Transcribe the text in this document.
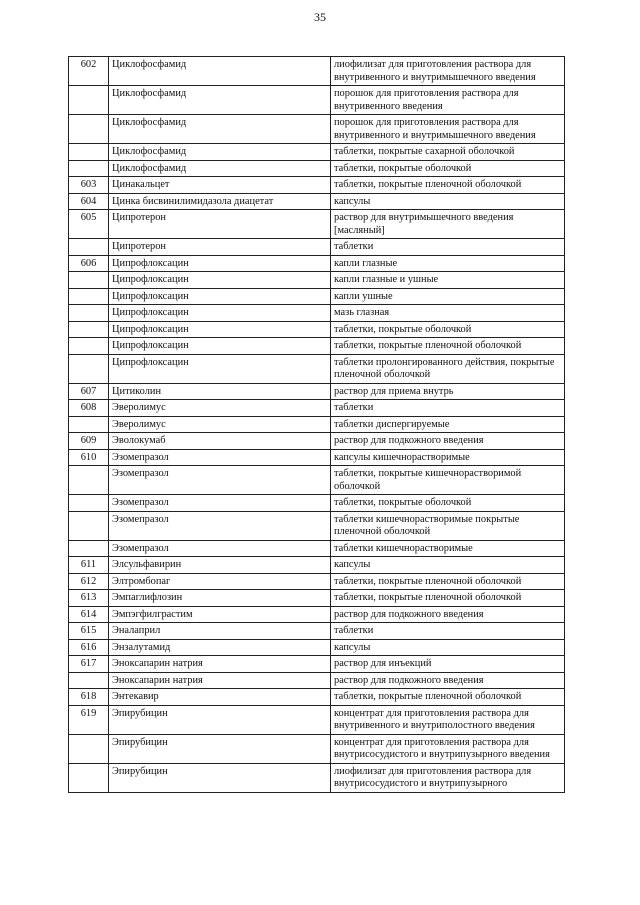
35
602	Циклофосфамид	лиофилизат для приготовления раствора для внутривенного и внутримышечного введения
	Циклофосфамид	порошок для приготовления раствора для внутривенного введения
	Циклофосфамид	порошок для приготовления раствора для внутривенного и внутримышечного введения
	Циклофосфамид	таблетки, покрытые сахарной оболочкой
	Циклофосфамид	таблетки, покрытые оболочкой
603	Цинакальцет	таблетки, покрытые пленочной оболочкой
604	Цинка бисвинилимидазола диацетат	капсулы
605	Ципротерон	раствор для внутримышечного введения [масляный]
	Ципротерон	таблетки
606	Ципрофлоксацин	капли глазные
	Ципрофлоксацин	капли глазные и ушные
	Ципрофлоксацин	капли ушные
	Ципрофлоксацин	мазь глазная
	Ципрофлоксацин	таблетки, покрытые оболочкой
	Ципрофлоксацин	таблетки, покрытые пленочной оболочкой
	Ципрофлоксацин	таблетки пролонгированного действия, покрытые пленочной оболочкой
607	Цитиколин	раствор для приема внутрь
608	Эверолимус	таблетки
	Эверолимус	таблетки диспергируемые
609	Эволокумаб	раствор для подкожного введения
610	Эзомепразол	капсулы кишечнорастворимые
	Эзомепразол	таблетки, покрытые кишечнорастворимой оболочкой
	Эзомепразол	таблетки, покрытые оболочкой
	Эзомепразол	таблетки кишечнорастворимые покрытые пленочной оболочкой
	Эзомепразол	таблетки кишечнорастворимые
611	Элсульфавирин	капсулы
612	Элтромбопаг	таблетки, покрытые пленочной оболочкой
613	Эмпаглифлозин	таблетки, покрытые пленочной оболочкой
614	Эмпэгфилграстим	раствор для подкожного введения
615	Эналаприл	таблетки
616	Энзалутамид	капсулы
617	Эноксапарин натрия	раствор для инъекций
	Эноксапарин натрия	раствор для подкожного введения
618	Энтекавир	таблетки, покрытые пленочной оболочкой
619	Эпирубицин	концентрат для приготовления раствора для внутривенного и внутриполостного введения
	Эпирубицин	концентрат для приготовления раствора для внутрисосудистого и внутрипузырного введения
	Эпирубицин	лиофилизат для приготовления раствора для внутрисосудистого и внутрипузырного
